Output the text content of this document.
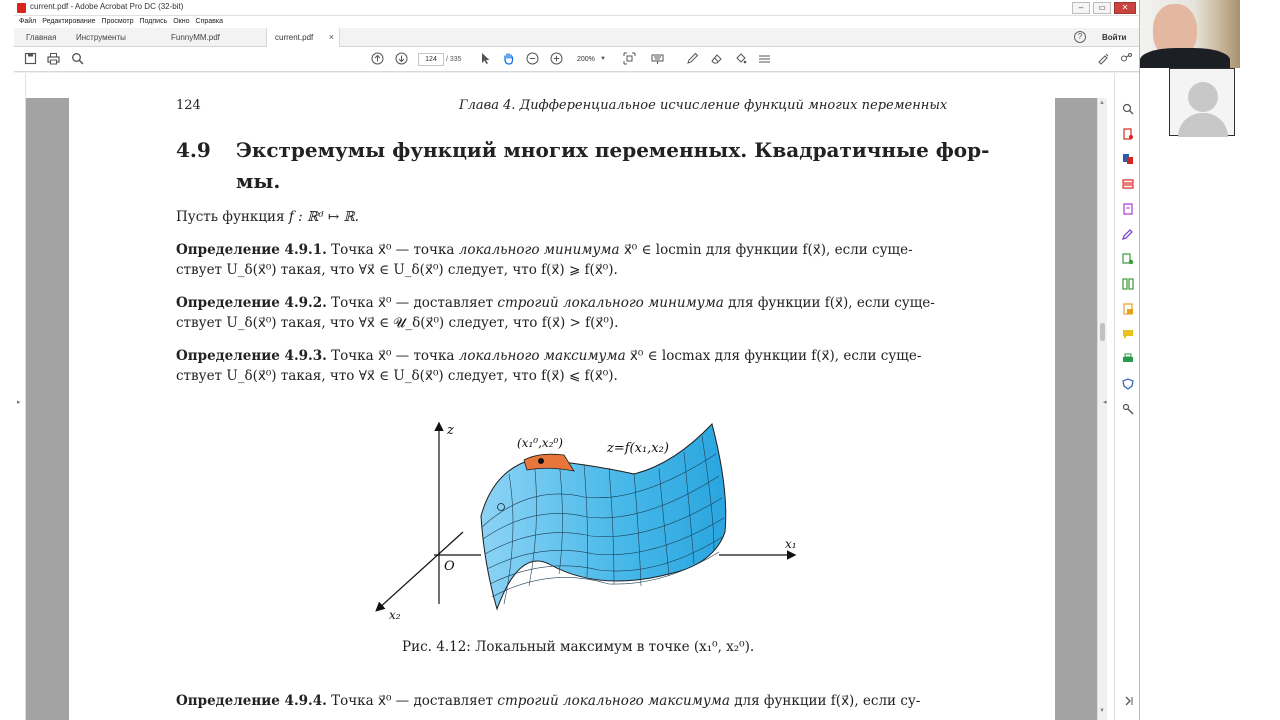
current.pdf - Adobe Acrobat Pro DC (32-bit)	‒	▭	✕
Файл Редактирование Просмотр Подпись Окно Справка
Главная	Инструменты	FunnyMM.pdf	current.pdf ×	?	Войти
124	/ 335	200% ▼
▸
▲
▼
124	Глава 4. Дифференциальное исчисление функций многих переменных
4.9 Экстремумы функций многих переменных. Квадратичные фор-
мы.
Пусть функция f : ℝᵈ ↦ ℝ.
Определение 4.9.1. Точка x⃗⁰ — точка локального минимума x⃗⁰ ∈ locmin для функции f(x⃗), если суще-
ствует U_δ(x⃗⁰) такая, что ∀x⃗ ∈ U_δ(x⃗⁰) следует, что f(x⃗) ⩾ f(x⃗⁰).
Определение 4.9.2. Точка x⃗⁰ — доставляет строгий локального минимума для функции f(x⃗), если суще-
ствует U_δ(x⃗⁰) такая, что ∀x⃗ ∈ 𝓤_δ(x⃗⁰) следует, что f(x⃗) > f(x⃗⁰).
Определение 4.9.3. Точка x⃗⁰ — точка локального максимума x⃗⁰ ∈ locmax для функции f(x⃗), если суще-
ствует U_δ(x⃗⁰) такая, что ∀x⃗ ∈ U_δ(x⃗⁰) следует, что f(x⃗) ⩽ f(x⃗⁰).
z
x₁
x₂
O
(x₁⁰,x₂⁰)	z=f(x₁,x₂)
Рис. 4.12: Локальный максимум в точке (x₁⁰, x₂⁰).
Определение 4.9.4. Точка x⃗⁰ — доставляет строгий локального максимума для функции f(x⃗), если су-
◂
